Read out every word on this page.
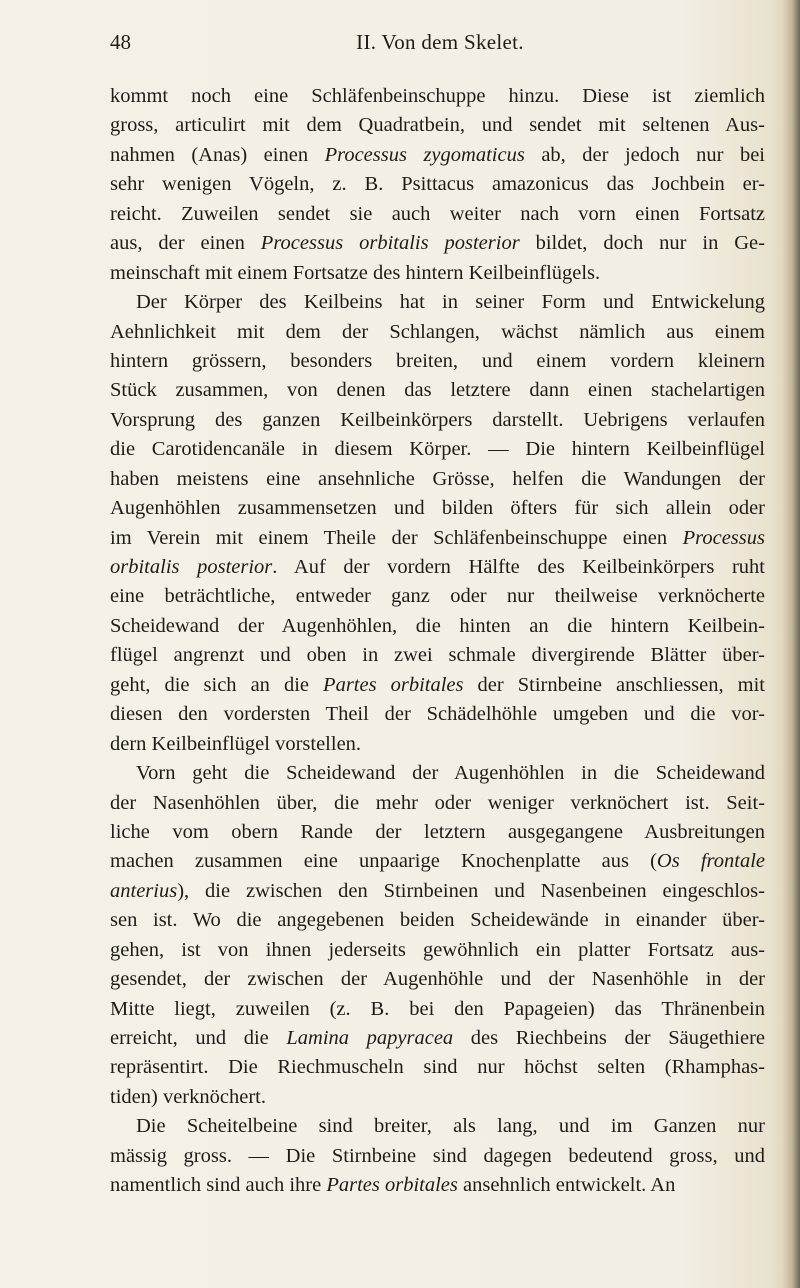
48	II. Von dem Skelet.
kommt noch eine Schläfenbeinschuppe hinzu. Diese ist ziemlich
gross, articulirt mit dem Quadratbein, und sendet mit seltenen Aus-
nahmen (Anas) einen Processus zygomaticus ab, der jedoch nur bei
sehr wenigen Vögeln, z. B. Psittacus amazonicus das Jochbein er-
reicht. Zuweilen sendet sie auch weiter nach vorn einen Fortsatz
aus, der einen Processus orbitalis posterior bildet, doch nur in Ge-
meinschaft mit einem Fortsatze des hintern Keilbeinflügels.
Der Körper des Keilbeins hat in seiner Form und Entwickelung
Aehnlichkeit mit dem der Schlangen, wächst nämlich aus einem
hintern grössern, besonders breiten, und einem vordern kleinern
Stück zusammen, von denen das letztere dann einen stachelartigen
Vorsprung des ganzen Keilbeinkörpers darstellt. Uebrigens verlaufen
die Carotidencanäle in diesem Körper. — Die hintern Keilbeinflügel
haben meistens eine ansehnliche Grösse, helfen die Wandungen der
Augenhöhlen zusammensetzen und bilden öfters für sich allein oder
im Verein mit einem Theile der Schläfenbeinschuppe einen Processus
orbitalis posterior. Auf der vordern Hälfte des Keilbeinkörpers ruht
eine beträchtliche, entweder ganz oder nur theilweise verknöcherte
Scheidewand der Augenhöhlen, die hinten an die hintern Keilbein-
flügel angrenzt und oben in zwei schmale divergirende Blätter über-
geht, die sich an die Partes orbitales der Stirnbeine anschliessen, mit
diesen den vordersten Theil der Schädelhöhle umgeben und die vor-
dern Keilbeinflügel vorstellen.
Vorn geht die Scheidewand der Augenhöhlen in die Scheidewand
der Nasenhöhlen über, die mehr oder weniger verknöchert ist. Seit-
liche vom obern Rande der letztern ausgegangene Ausbreitungen
machen zusammen eine unpaarige Knochenplatte aus (Os frontale
anterius), die zwischen den Stirnbeinen und Nasenbeinen eingeschlos-
sen ist. Wo die angegebenen beiden Scheidewände in einander über-
gehen, ist von ihnen jederseits gewöhnlich ein platter Fortsatz aus-
gesendet, der zwischen der Augenhöhle und der Nasenhöhle in der
Mitte liegt, zuweilen (z. B. bei den Papageien) das Thränenbein
erreicht, und die Lamina papyracea des Riechbeins der Säugethiere
repräsentirt. Die Riechmuscheln sind nur höchst selten (Rhamphas-
tiden) verknöchert.
Die Scheitelbeine sind breiter, als lang, und im Ganzen nur
mässig gross. — Die Stirnbeine sind dagegen bedeutend gross, und
namentlich sind auch ihre Partes orbitales ansehnlich entwickelt. An
